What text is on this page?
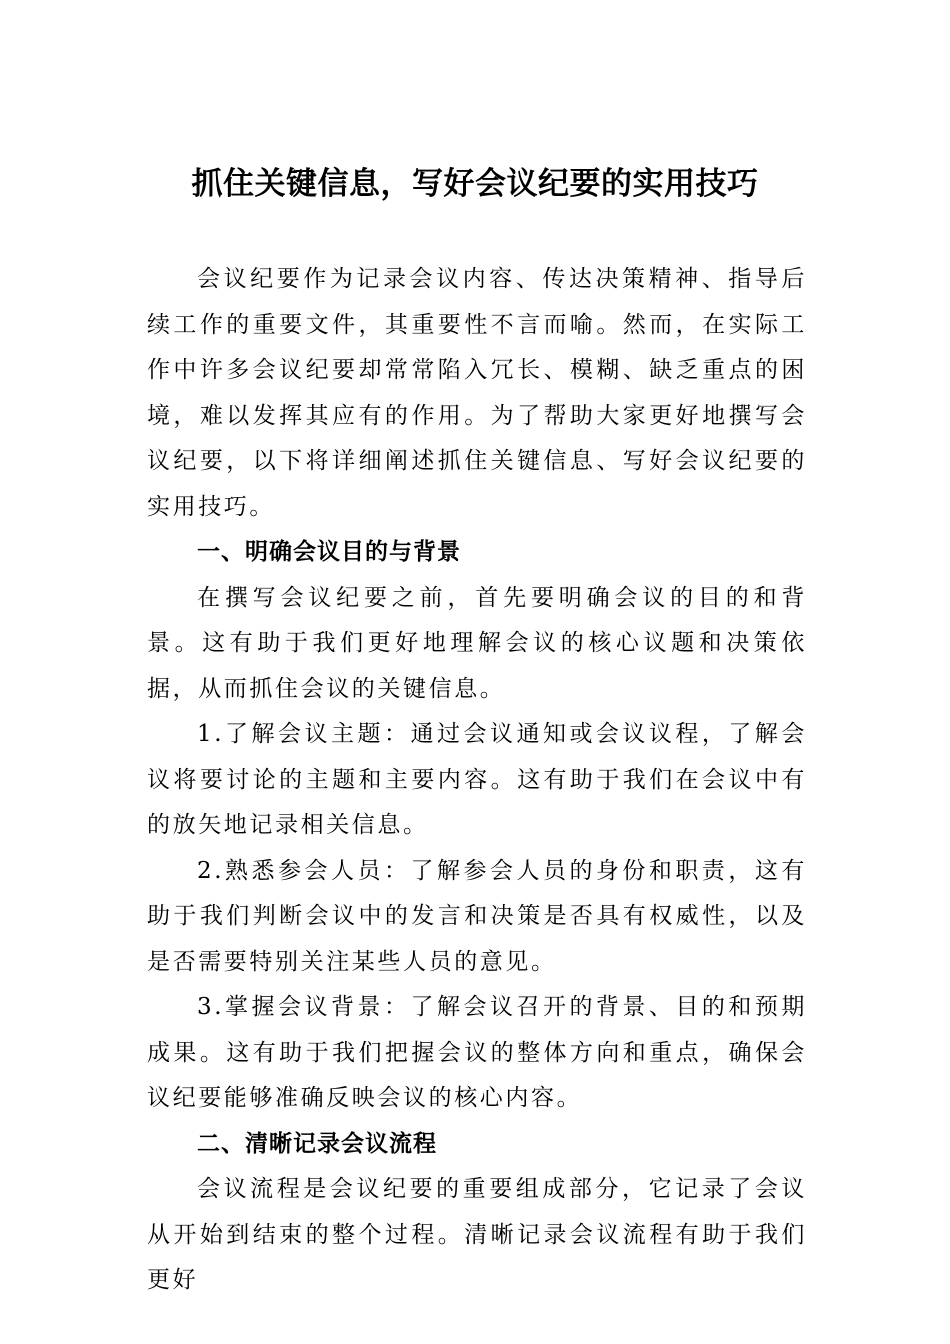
抓住关键信息，写好会议纪要的实用技巧

会议纪要作为记录会议内容、传达决策精神、指导后续工作的重要文件，其重要性不言而喻。然而，在实际工作中许多会议纪要却常常陷入冗长、模糊、缺乏重点的困境，难以发挥其应有的作用。为了帮助大家更好地撰写会议纪要，以下将详细阐述抓住关键信息、写好会议纪要的实用技巧。

一、明确会议目的与背景

在撰写会议纪要之前，首先要明确会议的目的和背景。这有助于我们更好地理解会议的核心议题和决策依据，从而抓住会议的关键信息。

1.了解会议主题：通过会议通知或会议议程，了解会议将要讨论的主题和主要内容。这有助于我们在会议中有的放矢地记录相关信息。

2.熟悉参会人员：了解参会人员的身份和职责，这有助于我们判断会议中的发言和决策是否具有权威性，以及是否需要特别关注某些人员的意见。

3.掌握会议背景：了解会议召开的背景、目的和预期成果。这有助于我们把握会议的整体方向和重点，确保会议纪要能够准确反映会议的核心内容。

二、清晰记录会议流程

会议流程是会议纪要的重要组成部分，它记录了会议从开始到结束的整个过程。清晰记录会议流程有助于我们更好
